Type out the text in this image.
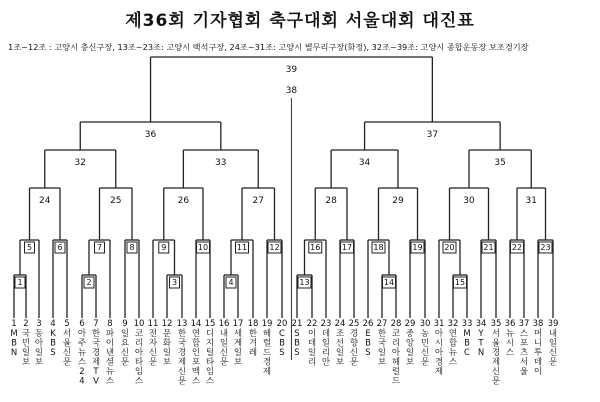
제36회 기자협회 축구대회 서울대회 대진표

1조~12조 : 고양시 충신구장, 13조~23조: 고양시 백석구장, 24조~31조: 고양시 별무리구장(화정), 32조~39조: 고양시 종합운동장 보조경기장

1	2	3	4	13	14	15
5	6	7	8	9	10	11	12	16	17	18	19	20	21 22 23
24	25	26	27	28	29	30	31
32	33	34	35
36	37
39
38
1
M B N
2
국 민 일 보
3
동 아 일 보
4
K B S
5
서 울 신 문
6
아 주 뉴 스 2 4
7
한 국 경 제 T V
8
파 이 낸 셜 뉴 스
9
일 요 신 문
10
코 리 아 타 임 스
11
전 자 신 문
12
문 화 일 보
13
한 국 경 제 신 문
14
연 합 인 포 맥 스
15
디 지 털 타 임 스
16
내 일 신 문
17
세 계 일 보
18
한 겨 레
19
헤 럴 드 경 제
20
C B S
21
S B S
22
이 데 일 리
23
데 일 리 안
24
조 선 일 보
25
경 향 신 문
26
E B S
27
한 국 일 보
28
코 리 아 헤 럴 드
29
중 앙 일 보
30
농 민 신 문
31
아 시 아 경 제
32
연 합 뉴 스
33
M B C
34
Y T N
35
서 울 경 제 신 문
36
뉴 시 스
37
스 포 츠 서 울
38
머 니 투 데 이
39
내 일 신 문
